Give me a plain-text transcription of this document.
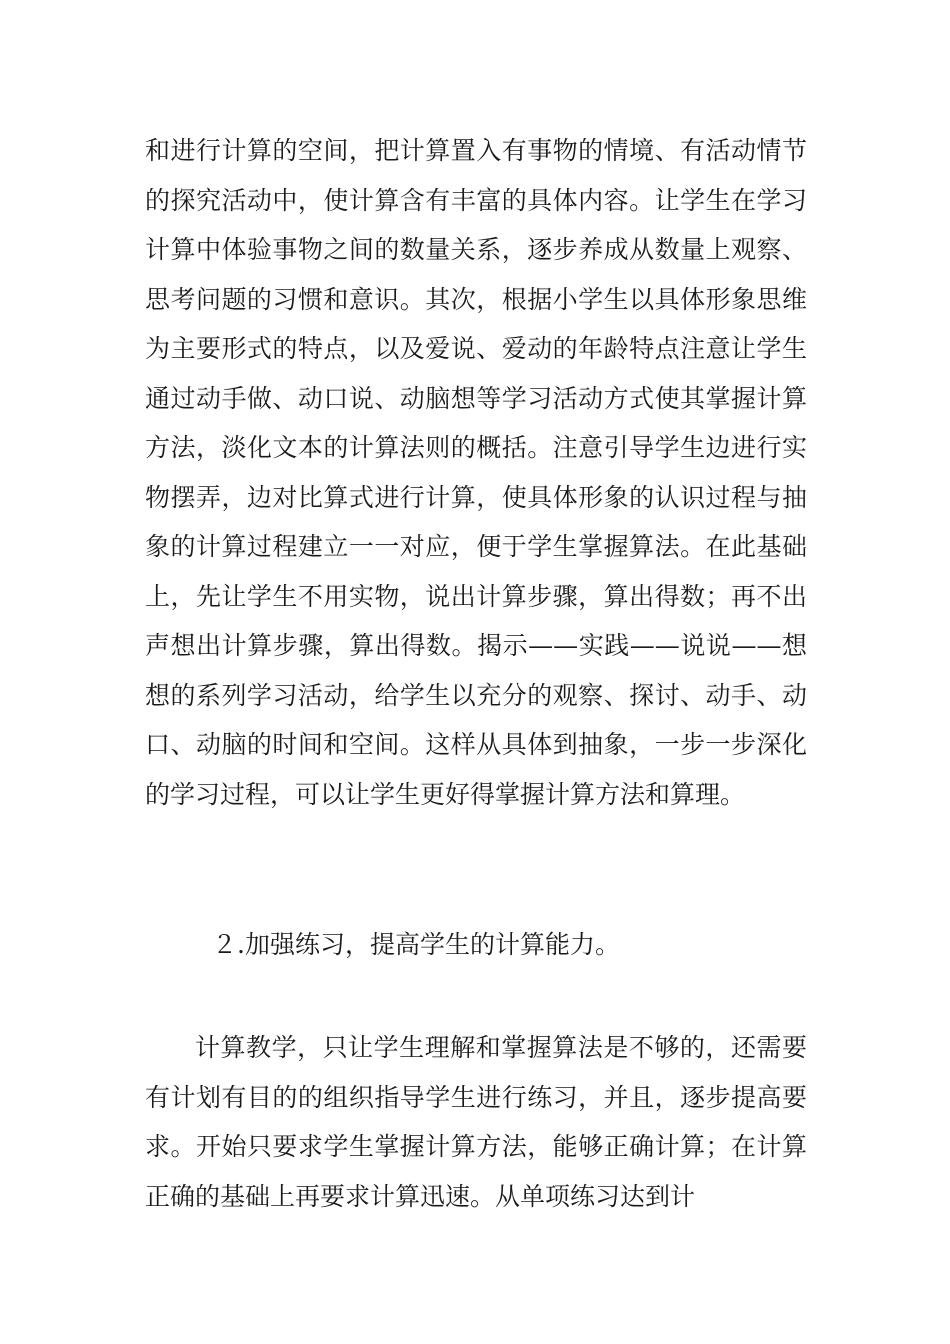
和进行计算的空间，把计算置入有事物的情境、有活动情节的探究活动中，使计算含有丰富的具体内容。让学生在学习计算中体验事物之间的数量关系，逐步养成从数量上观察、思考问题的习惯和意识。其次，根据小学生以具体形象思维为主要形式的特点，以及爱说、爱动的年龄特点注意让学生通过动手做、动口说、动脑想等学习活动方式使其掌握计算方法，淡化文本的计算法则的概括。注意引导学生边进行实物摆弄，边对比算式进行计算，使具体形象的认识过程与抽象的计算过程建立一一对应，便于学生掌握算法。在此基础上，先让学生不用实物，说出计算步骤，算出得数；再不出声想出计算步骤，算出得数。揭示——实践——说说——想想的系列学习活动，给学生以充分的观察、探讨、动手、动口、动脑的时间和空间。这样从具体到抽象，一步一步深化的学习过程，可以让学生更好得掌握计算方法和算理。

２.加强练习，提高学生的计算能力。

计算教学，只让学生理解和掌握算法是不够的，还需要有计划有目的的组织指导学生进行练习，并且，逐步提高要求。开始只要求学生掌握计算方法，能够正确计算；在计算正确的基础上再要求计算迅速。从单项练习达到计
